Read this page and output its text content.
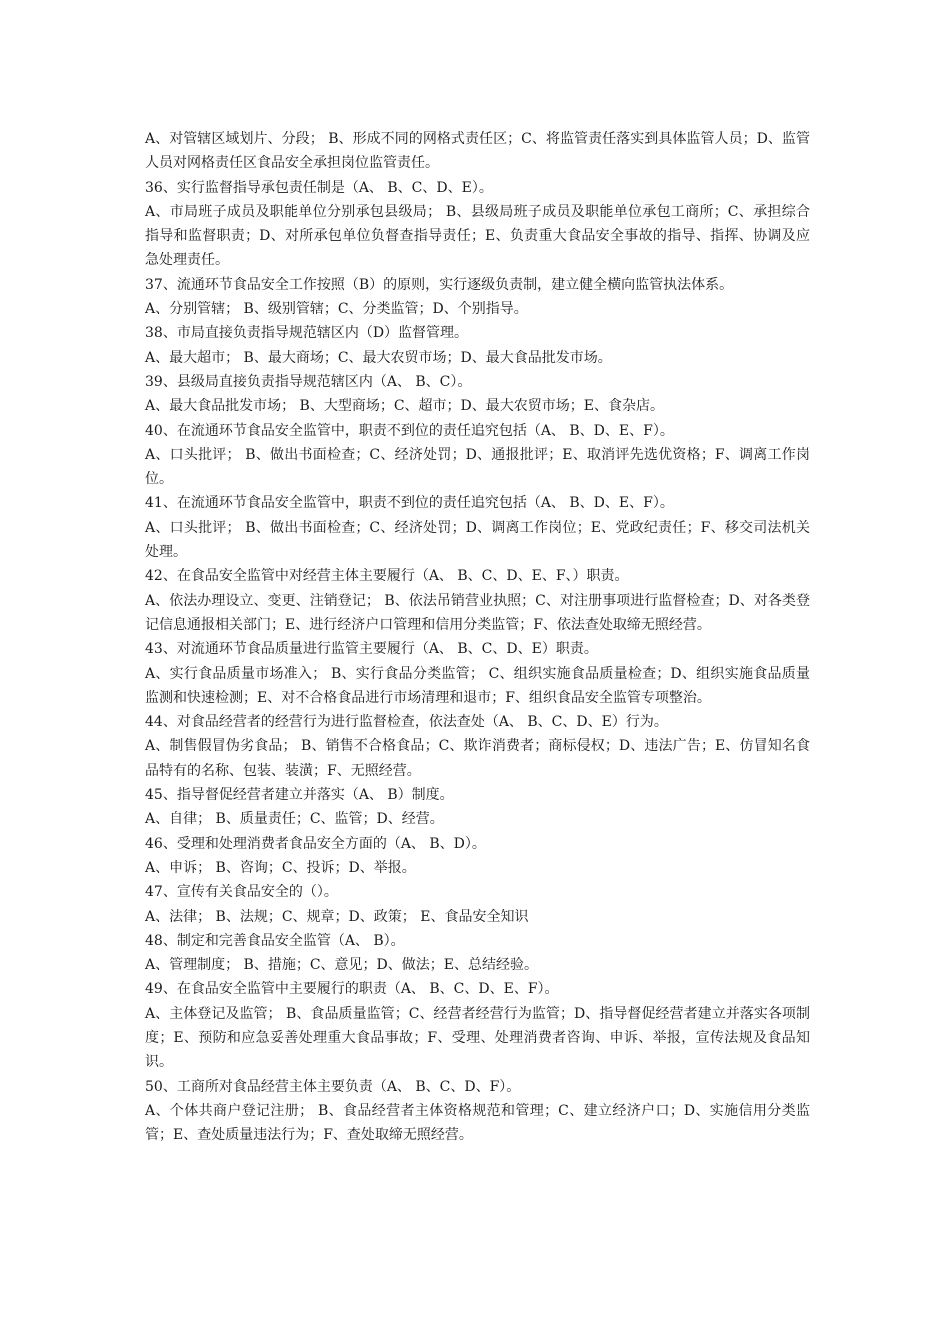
A、对管辖区域划片、分段； B、形成不同的网格式责任区；C、将监管责任落实到具体监管人员；D、监管人员对网格责任区食品安全承担岗位监管责任。

36、实行监督指导承包责任制是（A、 B、C、D、E）。

A、市局班子成员及职能单位分别承包县级局； B、县级局班子成员及职能单位承包工商所；C、承担综合指导和监督职责；D、对所承包单位负督查指导责任；E、负责重大食品安全事故的指导、指挥、协调及应急处理责任。

37、流通环节食品安全工作按照（B）的原则，实行逐级负责制，建立健全横向监管执法体系。

A、分别管辖； B、级别管辖；C、分类监管；D、个别指导。

38、市局直接负责指导规范辖区内（D）监督管理。

A、最大超市； B、最大商场；C、最大农贸市场；D、最大食品批发市场。

39、县级局直接负责指导规范辖区内（A、 B、C）。

A、最大食品批发市场； B、大型商场；C、超市；D、最大农贸市场；E、食杂店。

40、在流通环节食品安全监管中，职责不到位的责任追究包括（A、 B、D、E、F）。

A、口头批评； B、做出书面检查；C、经济处罚；D、通报批评；E、取消评先选优资格；F、调离工作岗位。

41、在流通环节食品安全监管中，职责不到位的责任追究包括（A、 B、D、E、F）。

A、口头批评； B、做出书面检查；C、经济处罚；D、调离工作岗位；E、党政纪责任；F、移交司法机关处理。

42、在食品安全监管中对经营主体主要履行（A、 B、C、D、E、F、）职责。

A、依法办理设立、变更、注销登记； B、依法吊销营业执照；C、对注册事项进行监督检查；D、对各类登记信息通报相关部门；E、进行经济户口管理和信用分类监管；F、依法查处取缔无照经营。

43、对流通环节食品质量进行监管主要履行（A、 B、C、D、E）职责。

A、实行食品质量市场准入； B、实行食品分类监管； C、组织实施食品质量检查；D、组织实施食品质量监测和快速检测；E、对不合格食品进行市场清理和退市；F、组织食品安全监管专项整治。

44、对食品经营者的经营行为进行监督检查，依法查处（A、 B、C、D、E）行为。

A、制售假冒伪劣食品； B、销售不合格食品；C、欺诈消费者；商标侵权；D、违法广告；E、仿冒知名食品特有的名称、包装、装潢；F、无照经营。

45、指导督促经营者建立并落实（A、 B）制度。

A、自律； B、质量责任；C、监管；D、经营。

46、受理和处理消费者食品安全方面的（A、 B、D）。

A、申诉； B、咨询；C、投诉；D、举报。

47、宣传有关食品安全的（）。

A、法律； B、法规；C、规章；D、政策； E、食品安全知识

48、制定和完善食品安全监管（A、 B）。

A、管理制度； B、措施；C、意见；D、做法；E、总结经验。

49、在食品安全监管中主要履行的职责（A、 B、C、D、E、F）。

A、主体登记及监管； B、食品质量监管；C、经营者经营行为监管；D、指导督促经营者建立并落实各项制度；E、预防和应急妥善处理重大食品事故；F、受理、处理消费者咨询、申诉、举报，宣传法规及食品知识。

50、工商所对食品经营主体主要负责（A、 B、C、D、F）。

A、个体共商户登记注册； B、食品经营者主体资格规范和管理；C、建立经济户口；D、实施信用分类监管；E、查处质量违法行为；F、查处取缔无照经营。
